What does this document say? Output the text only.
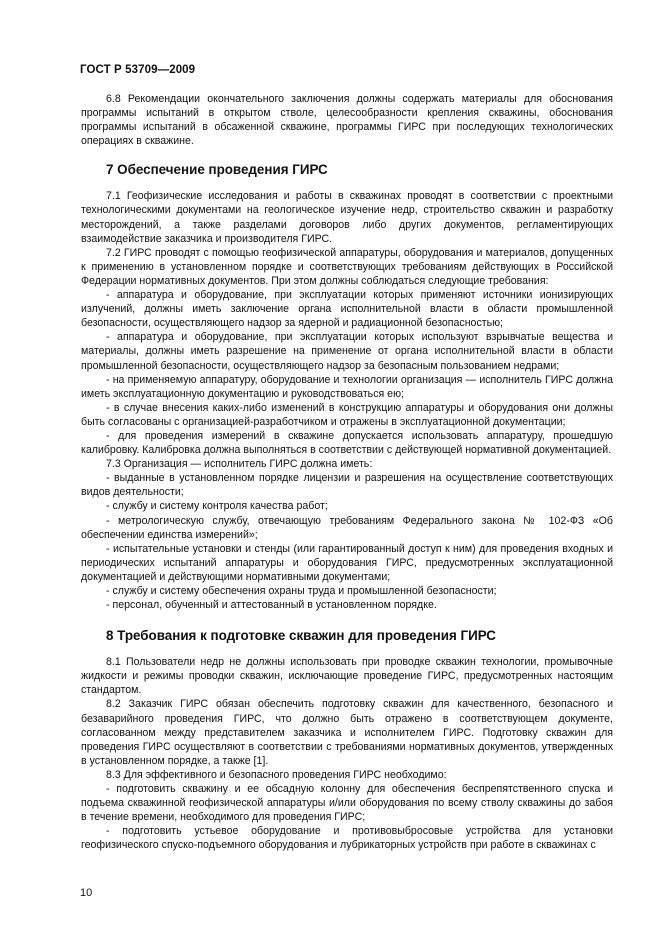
ГОСТ Р 53709—2009

6.8 Рекомендации окончательного заключения должны содержать материалы для обоснования программы испытаний в открытом стволе, целесообразности крепления скважины, обоснования программы испытаний в обсаженной скважине, программы ГИРС при последующих технологических операциях в скважине.

7 Обеспечение проведения ГИРС

7.1 Геофизические исследования и работы в скважинах проводят в соответствии с проектными технологическими документами на геологическое изучение недр, строительство скважин и разработку месторождений, а также разделами договоров либо других документов, регламентирующих взаимодействие заказчика и производителя ГИРС.

7.2 ГИРС проводят с помощью геофизической аппаратуры, оборудования и материалов, допущенных к применению в установленном порядке и соответствующих требованиям действующих в Российской Федерации нормативных документов. При этом должны соблюдаться следующие требования:

- аппаратура и оборудование, при эксплуатации которых применяют источники ионизирующих излучений, должны иметь заключение органа исполнительной власти в области промышленной безопасности, осуществляющего надзор за ядерной и радиационной безопасностью;

- аппаратура и оборудование, при эксплуатации которых используют взрывчатые вещества и материалы, должны иметь разрешение на применение от органа исполнительной власти в области промышленной безопасности, осуществляющего надзор за безопасным пользованием недрами;

- на применяемую аппаратуру, оборудование и технологии организация — исполнитель ГИРС должна иметь эксплуатационную документацию и руководствоваться ею;

- в случае внесения каких-либо изменений в конструкцию аппаратуры и оборудования они должны быть согласованы с организацией-разработчиком и отражены в эксплуатационной документации;

- для проведения измерений в скважине допускается использовать аппаратуру, прошедшую калибровку. Калибровка должна выполняться в соответствии с действующей нормативной документацией.

7.3 Организация — исполнитель ГИРС должна иметь:

- выданные в установленном порядке лицензии и разрешения на осуществление соответствующих видов деятельности;

- службу и систему контроля качества работ;

- метрологическую службу, отвечающую требованиям Федерального закона № 102-ФЗ «Об обеспечении единства измерений»;

- испытательные установки и стенды (или гарантированный доступ к ним) для проведения входных и периодических испытаний аппаратуры и оборудования ГИРС, предусмотренных эксплуатационной документацией и действующими нормативными документами;

- службу и систему обеспечения охраны труда и промышленной безопасности;

- персонал, обученный и аттестованный в установленном порядке.

8 Требования к подготовке скважин для проведения ГИРС

8.1 Пользователи недр не должны использовать при проводке скважин технологии, промывочные жидкости и режимы проводки скважин, исключающие проведение ГИРС, предусмотренных настоящим стандартом.

8.2 Заказчик ГИРС обязан обеспечить подготовку скважин для качественного, безопасного и безаварийного проведения ГИРС, что должно быть отражено в соответствующем документе, согласованном между представителем заказчика и исполнителем ГИРС. Подготовку скважин для проведения ГИРС осуществляют в соответствии с требованиями нормативных документов, утвержденных в установленном порядке, а также [1].

8.3 Для эффективного и безопасного проведения ГИРС необходимо:

- подготовить скважину и ее обсадную колонну для обеспечения беспрепятственного спуска и подъема скважинной геофизической аппаратуры и/или оборудования по всему стволу скважины до забоя в течение времени, необходимого для проведения ГИРС;

- подготовить устьевое оборудование и противовыбросовые устройства для установки геофизического спуско-подъемного оборудования и лубрикаторных устройств при работе в скважинах с

10
